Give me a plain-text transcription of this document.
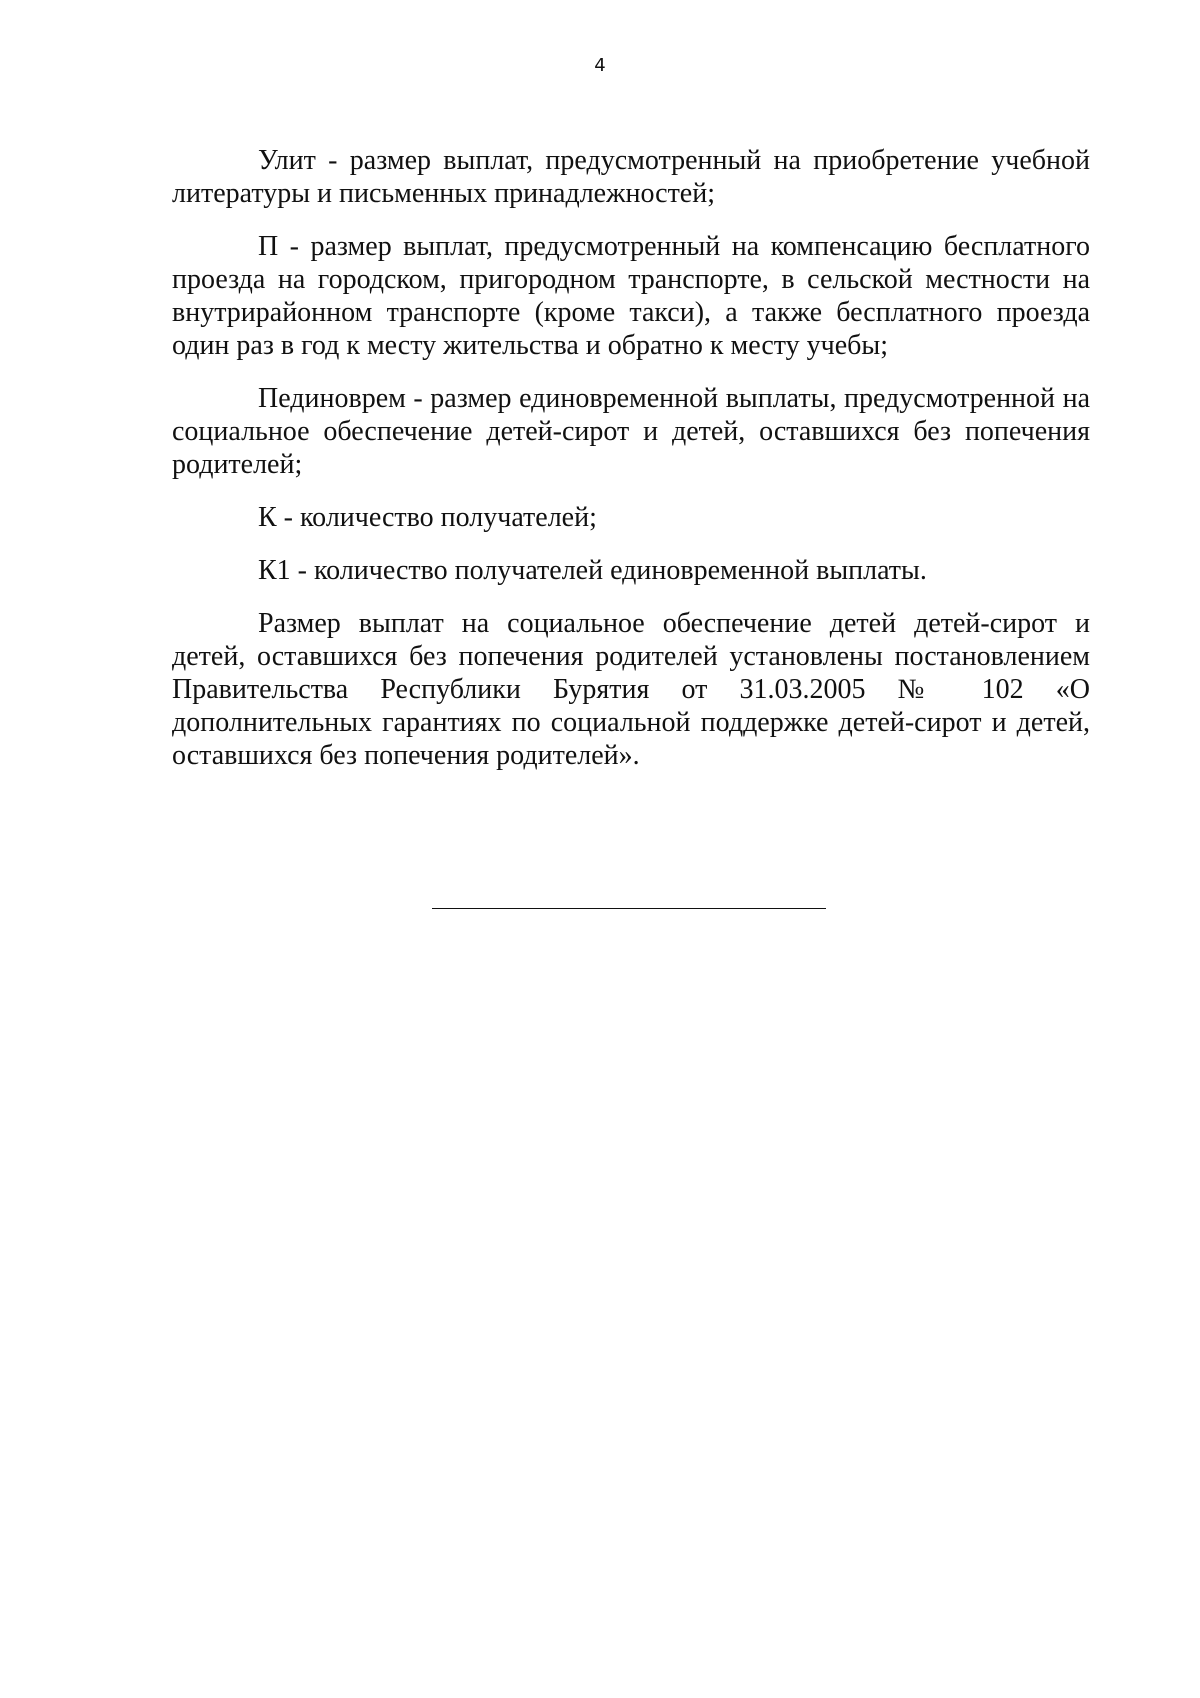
4

Улит - размер выплат, предусмотренный на приобретение учебной литературы и письменных принадлежностей;

П - размер выплат, предусмотренный на компенсацию бесплатного проезда на городском, пригородном транспорте, в сельской местности на внутрирайонном транспорте (кроме такси), а также бесплатного проезда один раз в год к месту жительства и обратно к месту учебы;

Пединоврем - размер единовременной выплаты, предусмотренной на социальное обеспечение детей-сирот и детей, оставшихся без попечения родителей;

К - количество получателей;

К1 - количество получателей единовременной выплаты.

Размер выплат на социальное обеспечение детей детей-сирот и детей, оставшихся без попечения родителей установлены постановлением Правительства Республики Бурятия от 31.03.2005 № 102 «О дополнительных гарантиях по социальной поддержке детей-сирот и детей, оставшихся без попечения родителей».
